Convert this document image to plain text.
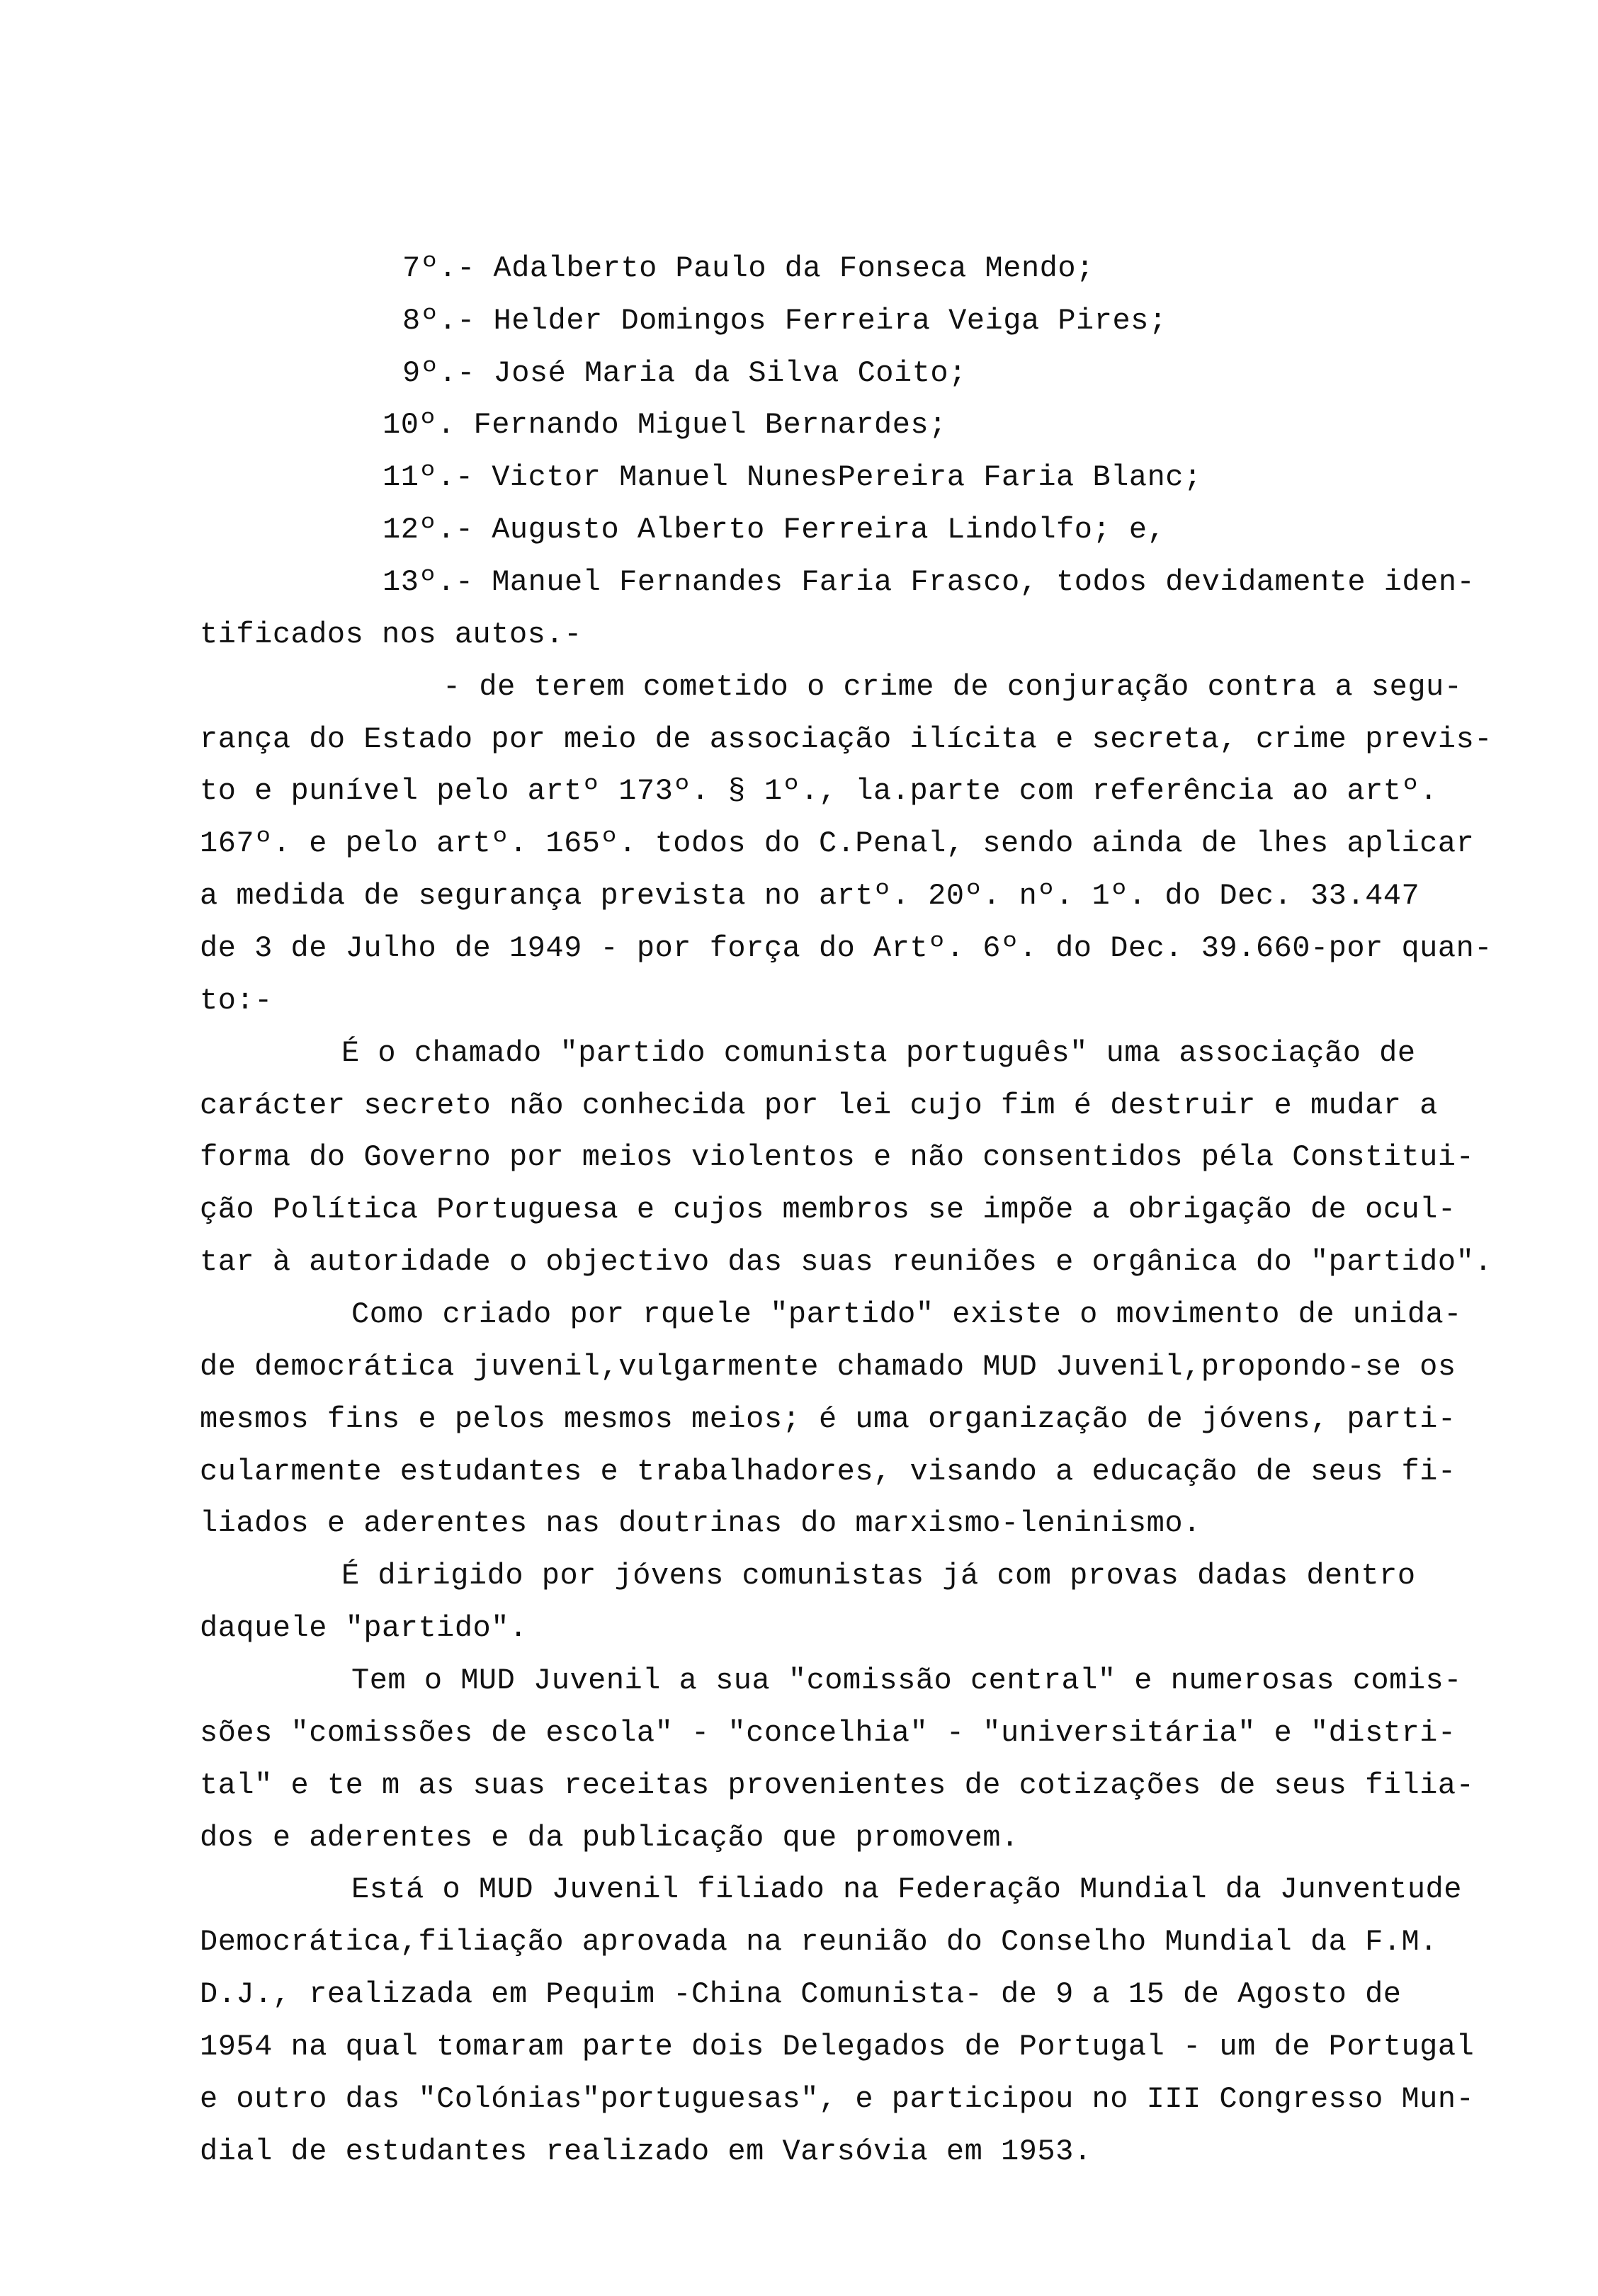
7º.- Adalberto Paulo da Fonseca Mendo;
8º.- Helder Domingos Ferreira Veiga Pires;
9º.- José Maria da Silva Coito;
10º. Fernando Miguel Bernardes;
11º.- Victor Manuel NunesPereira Faria Blanc;
12º.- Augusto Alberto Ferreira Lindolfo; e,
13º.- Manuel Fernandes Faria Frasco, todos devidamente iden-
tificados nos autos.-
- de terem cometido o crime de conjuração contra a segu-
rança do Estado por meio de associação ilícita e secreta, crime previs-
to e punível pelo artº 173º. § 1º., la.parte com referência ao artº.
167º. e pelo artº. 165º. todos do C.Penal, sendo ainda de lhes aplicar
a medida de segurança prevista no artº. 20º. nº. 1º. do Dec. 33.447
de 3 de Julho de 1949 - por força do Artº. 6º. do Dec. 39.660-por quan-
to:-
É o chamado "partido comunista português" uma associação de
carácter secreto não conhecida por lei cujo fim é destruir e mudar a
forma do Governo por meios violentos e não consentidos péla Constitui-
ção Política Portuguesa e cujos membros se impõe a obrigação de ocul-
tar à autoridade o objectivo das suas reuniões e orgânica do "partido".
Como criado por rquele "partido" existe o movimento de unida-
de democrática juvenil,vulgarmente chamado MUD Juvenil,propondo-se os
mesmos fins e pelos mesmos meios; é uma organização de jóvens, parti-
cularmente estudantes e trabalhadores, visando a educação de seus fi-
liados e aderentes nas doutrinas do marxismo-leninismo.
É dirigido por jóvens comunistas já com provas dadas dentro
daquele "partido".
Tem o MUD Juvenil a sua "comissão central" e numerosas comis-
sões "comissões de escola" - "concelhia" - "universitária" e "distri-
tal" e te m as suas receitas provenientes de cotizações de seus filia-
dos e aderentes e da publicação que promovem.
Está o MUD Juvenil filiado na Federação Mundial da Junventude
Democrática,filiação aprovada na reunião do Conselho Mundial da F.M.
D.J., realizada em Pequim -China Comunista- de 9 a 15 de Agosto de
1954 na qual tomaram parte dois Delegados de Portugal - um de Portugal
e outro das "Colónias"portuguesas", e participou no III Congresso Mun-
dial de estudantes realizado em Varsóvia em 1953.
